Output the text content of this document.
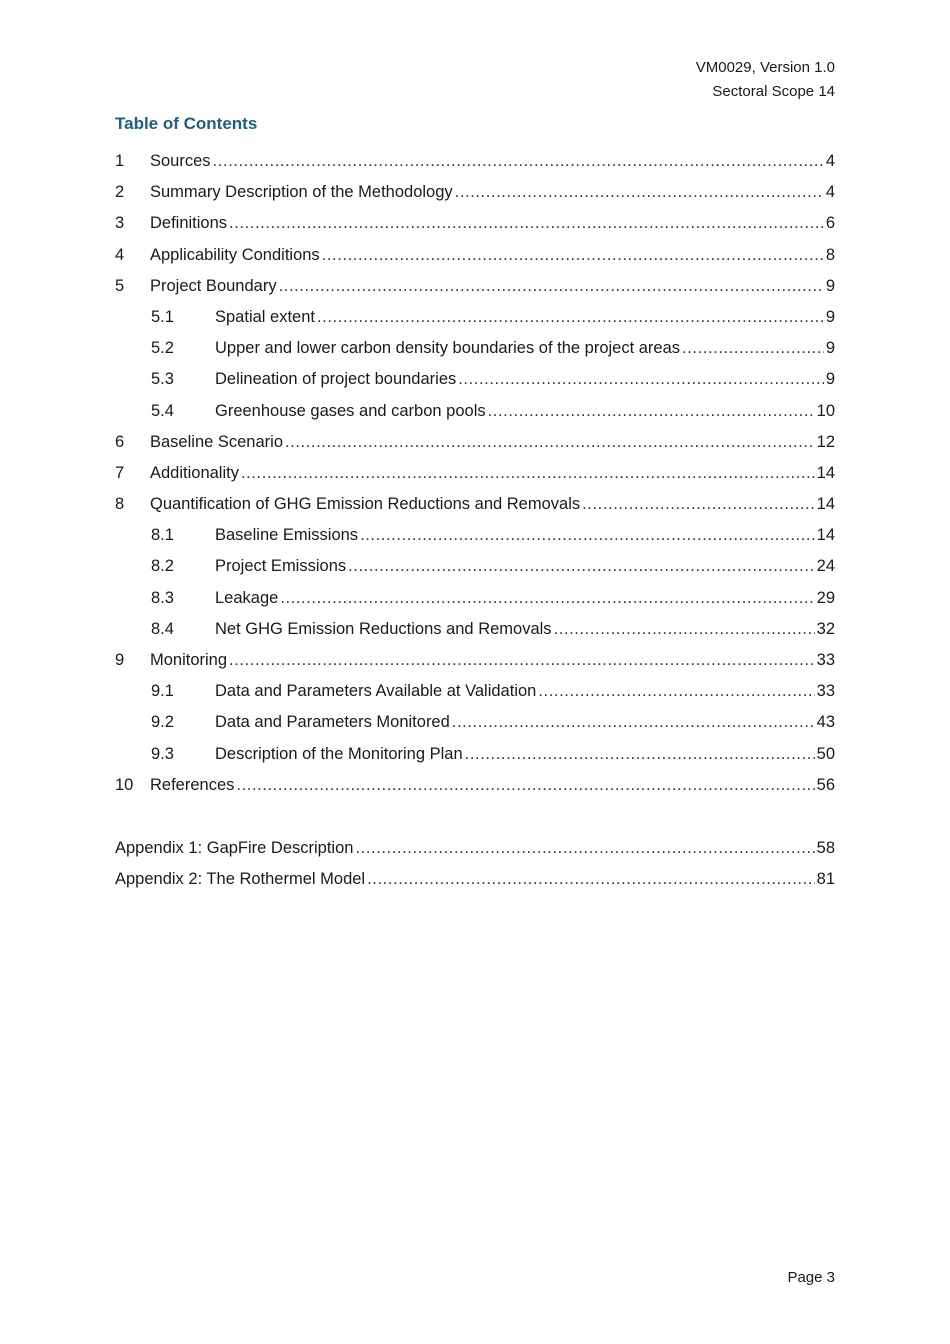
VM0029, Version 1.0
Sectoral Scope 14
Table of Contents
1	Sources .....	4
2	Summary Description of the Methodology .....	4
3	Definitions .....	6
4	Applicability Conditions .....	8
5	Project Boundary .....	9
5.1	Spatial extent .....	9
5.2	Upper and lower carbon density boundaries of the project areas .....	9
5.3	Delineation of project boundaries .....	9
5.4	Greenhouse gases and carbon pools .....	10
6	Baseline Scenario .....	12
7	Additionality .....	14
8	Quantification of GHG Emission Reductions and Removals .....	14
8.1	Baseline Emissions .....	14
8.2	Project Emissions .....	24
8.3	Leakage .....	29
8.4	Net GHG Emission Reductions and Removals .....	32
9	Monitoring .....	33
9.1	Data and Parameters Available at Validation .....	33
9.2	Data and Parameters Monitored .....	43
9.3	Description of the Monitoring Plan .....	50
10	References .....	56
Appendix 1: GapFire Description .....	58
Appendix 2: The Rothermel Model .....	81
Page 3
